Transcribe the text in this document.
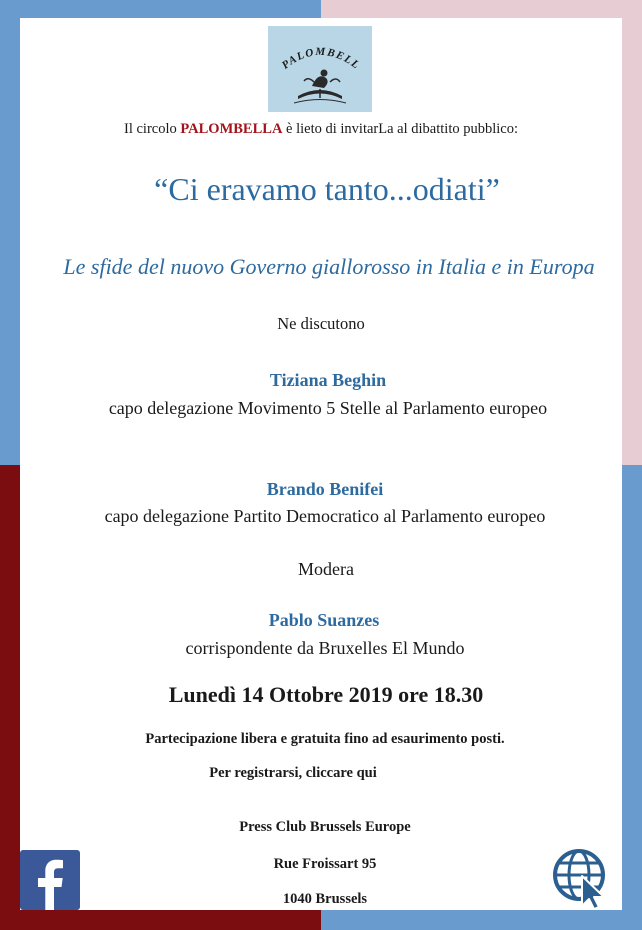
PALOMBELL
Il circolo PALOMBELLA è lieto di invitarLa al dibattito pubblico:
“Ci eravamo tanto...odiati”
Le sfide del nuovo Governo giallorosso in Italia e in Europa
Ne discutono
Tiziana Beghin
capo delegazione Movimento 5 Stelle al Parlamento europeo
Brando Benifei
capo delegazione Partito Democratico al Parlamento europeo
Modera
Pablo Suanzes
corrispondente da Bruxelles El Mundo
Lunedì 14 Ottobre 2019 ore 18.30
Partecipazione libera e gratuita fino ad esaurimento posti.
Per registrarsi, cliccare qui
Press Club Brussels Europe
Rue Froissart 95
1040 Brussels
